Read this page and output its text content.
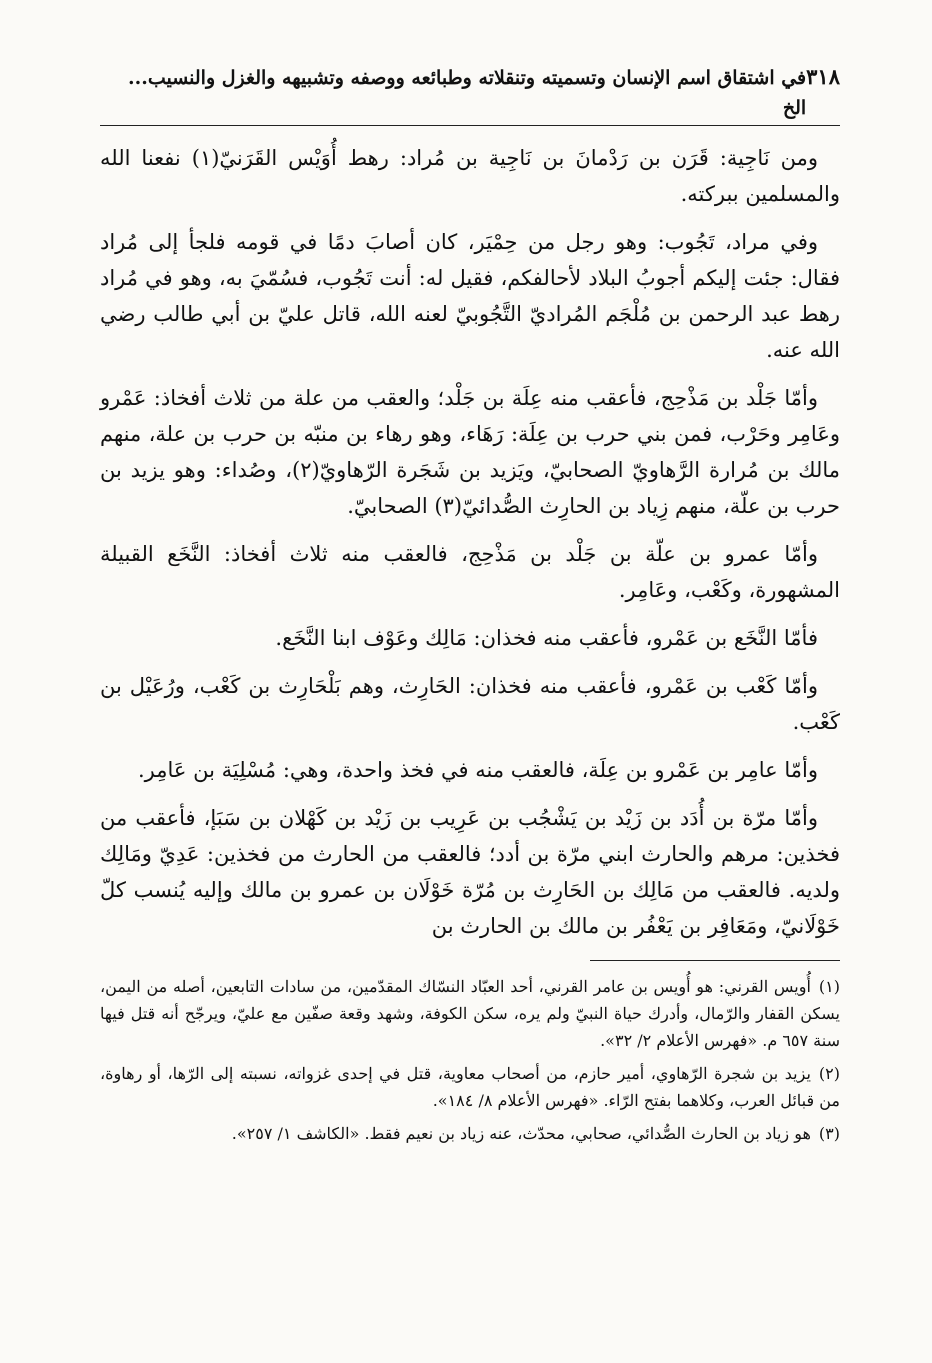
٣١٨
في اشتقاق اسم الإنسان وتسميته وتنقلاته وطبائعه ووصفه وتشبيهه والغزل والنسيب... الخ

ومن نَاجِية: قَرَن بن رَدْمانَ بن نَاجِية بن مُراد: رهط أُوَيْس القَرَنيّ(١) نفعنا الله والمسلمين ببركته.

وفي مراد، تَجُوب: وهو رجل من حِمْيَر، كان أصابَ دمًا في قومه فلجأ إلى مُراد فقال: جئت إليكم أجوبُ البلاد لأحالفكم، فقيل له: أنت تَجُوب، فسُمّيَ به، وهو في مُراد رهط عبد الرحمن بن مُلْجَم المُراديّ التَّجُوبيّ لعنه الله، قاتل عليّ بن أبي طالب رضي الله عنه.

وأمّا جَلْد بن مَذْحِج، فأعقب منه عِلَة بن جَلْد؛ والعقب من علة من ثلاث أفخاذ: عَمْرو وعَامِر وحَرْب، فمن بني حرب بن عِلَة: رَهَاء، وهو رهاء بن منبّه بن حرب بن علة، منهم مالك بن مُرارة الرَّهاويّ الصحابيّ، ويَزيد بن شَجَرة الرّهاويّ(٢)، وصُداء: وهو يزيد بن حرب بن علّة، منهم زِياد بن الحارِث الصُّدائيّ(٣) الصحابيّ.

وأمّا عمرو بن علّة بن جَلْد بن مَذْحِج، فالعقب منه ثلاث أفخاذ: النَّخَع القبيلة المشهورة، وكَعْب، وعَامِر.

فأمّا النَّخَع بن عَمْرو، فأعقب منه فخذان: مَالِك وعَوْف ابنا النَّخَع.

وأمّا كَعْب بن عَمْرو، فأعقب منه فخذان: الحَارِث، وهم بَلْحَارِث بن كَعْب، ورُعَيْل بن كَعْب.

وأمّا عامِر بن عَمْرو بن عِلَة، فالعقب منه في فخذ واحدة، وهي: مُسْلِيَة بن عَامِر.

وأمّا مرّة بن أُدَد بن زَيْد بن يَشْجُب بن عَرِيب بن زَيْد بن كَهْلان بن سَبَإ، فأعقب من فخذين: مرهم والحارث ابني مرّة بن أدد؛ فالعقب من الحارث من فخذين: عَدِيّ ومَالِك ولديه. فالعقب من مَالِك بن الحَارِث بن مُرّة خَوْلَان بن عمرو بن مالك وإليه يُنسب كلّ خَوْلَانيّ، ومَعَافِر بن يَعْفُر بن مالك بن الحارث بن

(١)أُويس القرني: هو أُويس بن عامر القرني، أحد العبّاد النسّاك المقدّمين، من سادات التابعين، أصله من اليمن، يسكن القفار والرّمال، وأدرك حياة النبيّ ولم يره، سكن الكوفة، وشهد وقعة صفّين مع عليّ، ويرجّح أنه قتل فيها سنة ٦٥٧ م. «فهرس الأعلام ٢/ ٣٢».

(٢)يزيد بن شجرة الرّهاوي، أمير حازم، من أصحاب معاوية، قتل في إحدى غزواته، نسبته إلى الرّها، أو رهاوة، من قبائل العرب، وكلاهما بفتح الرّاء. «فهرس الأعلام ٨/ ١٨٤».

(٣)هو زياد بن الحارث الصُّدائي، صحابي، محدّث، عنه زياد بن نعيم فقط. «الكاشف ١/ ٢٥٧».
